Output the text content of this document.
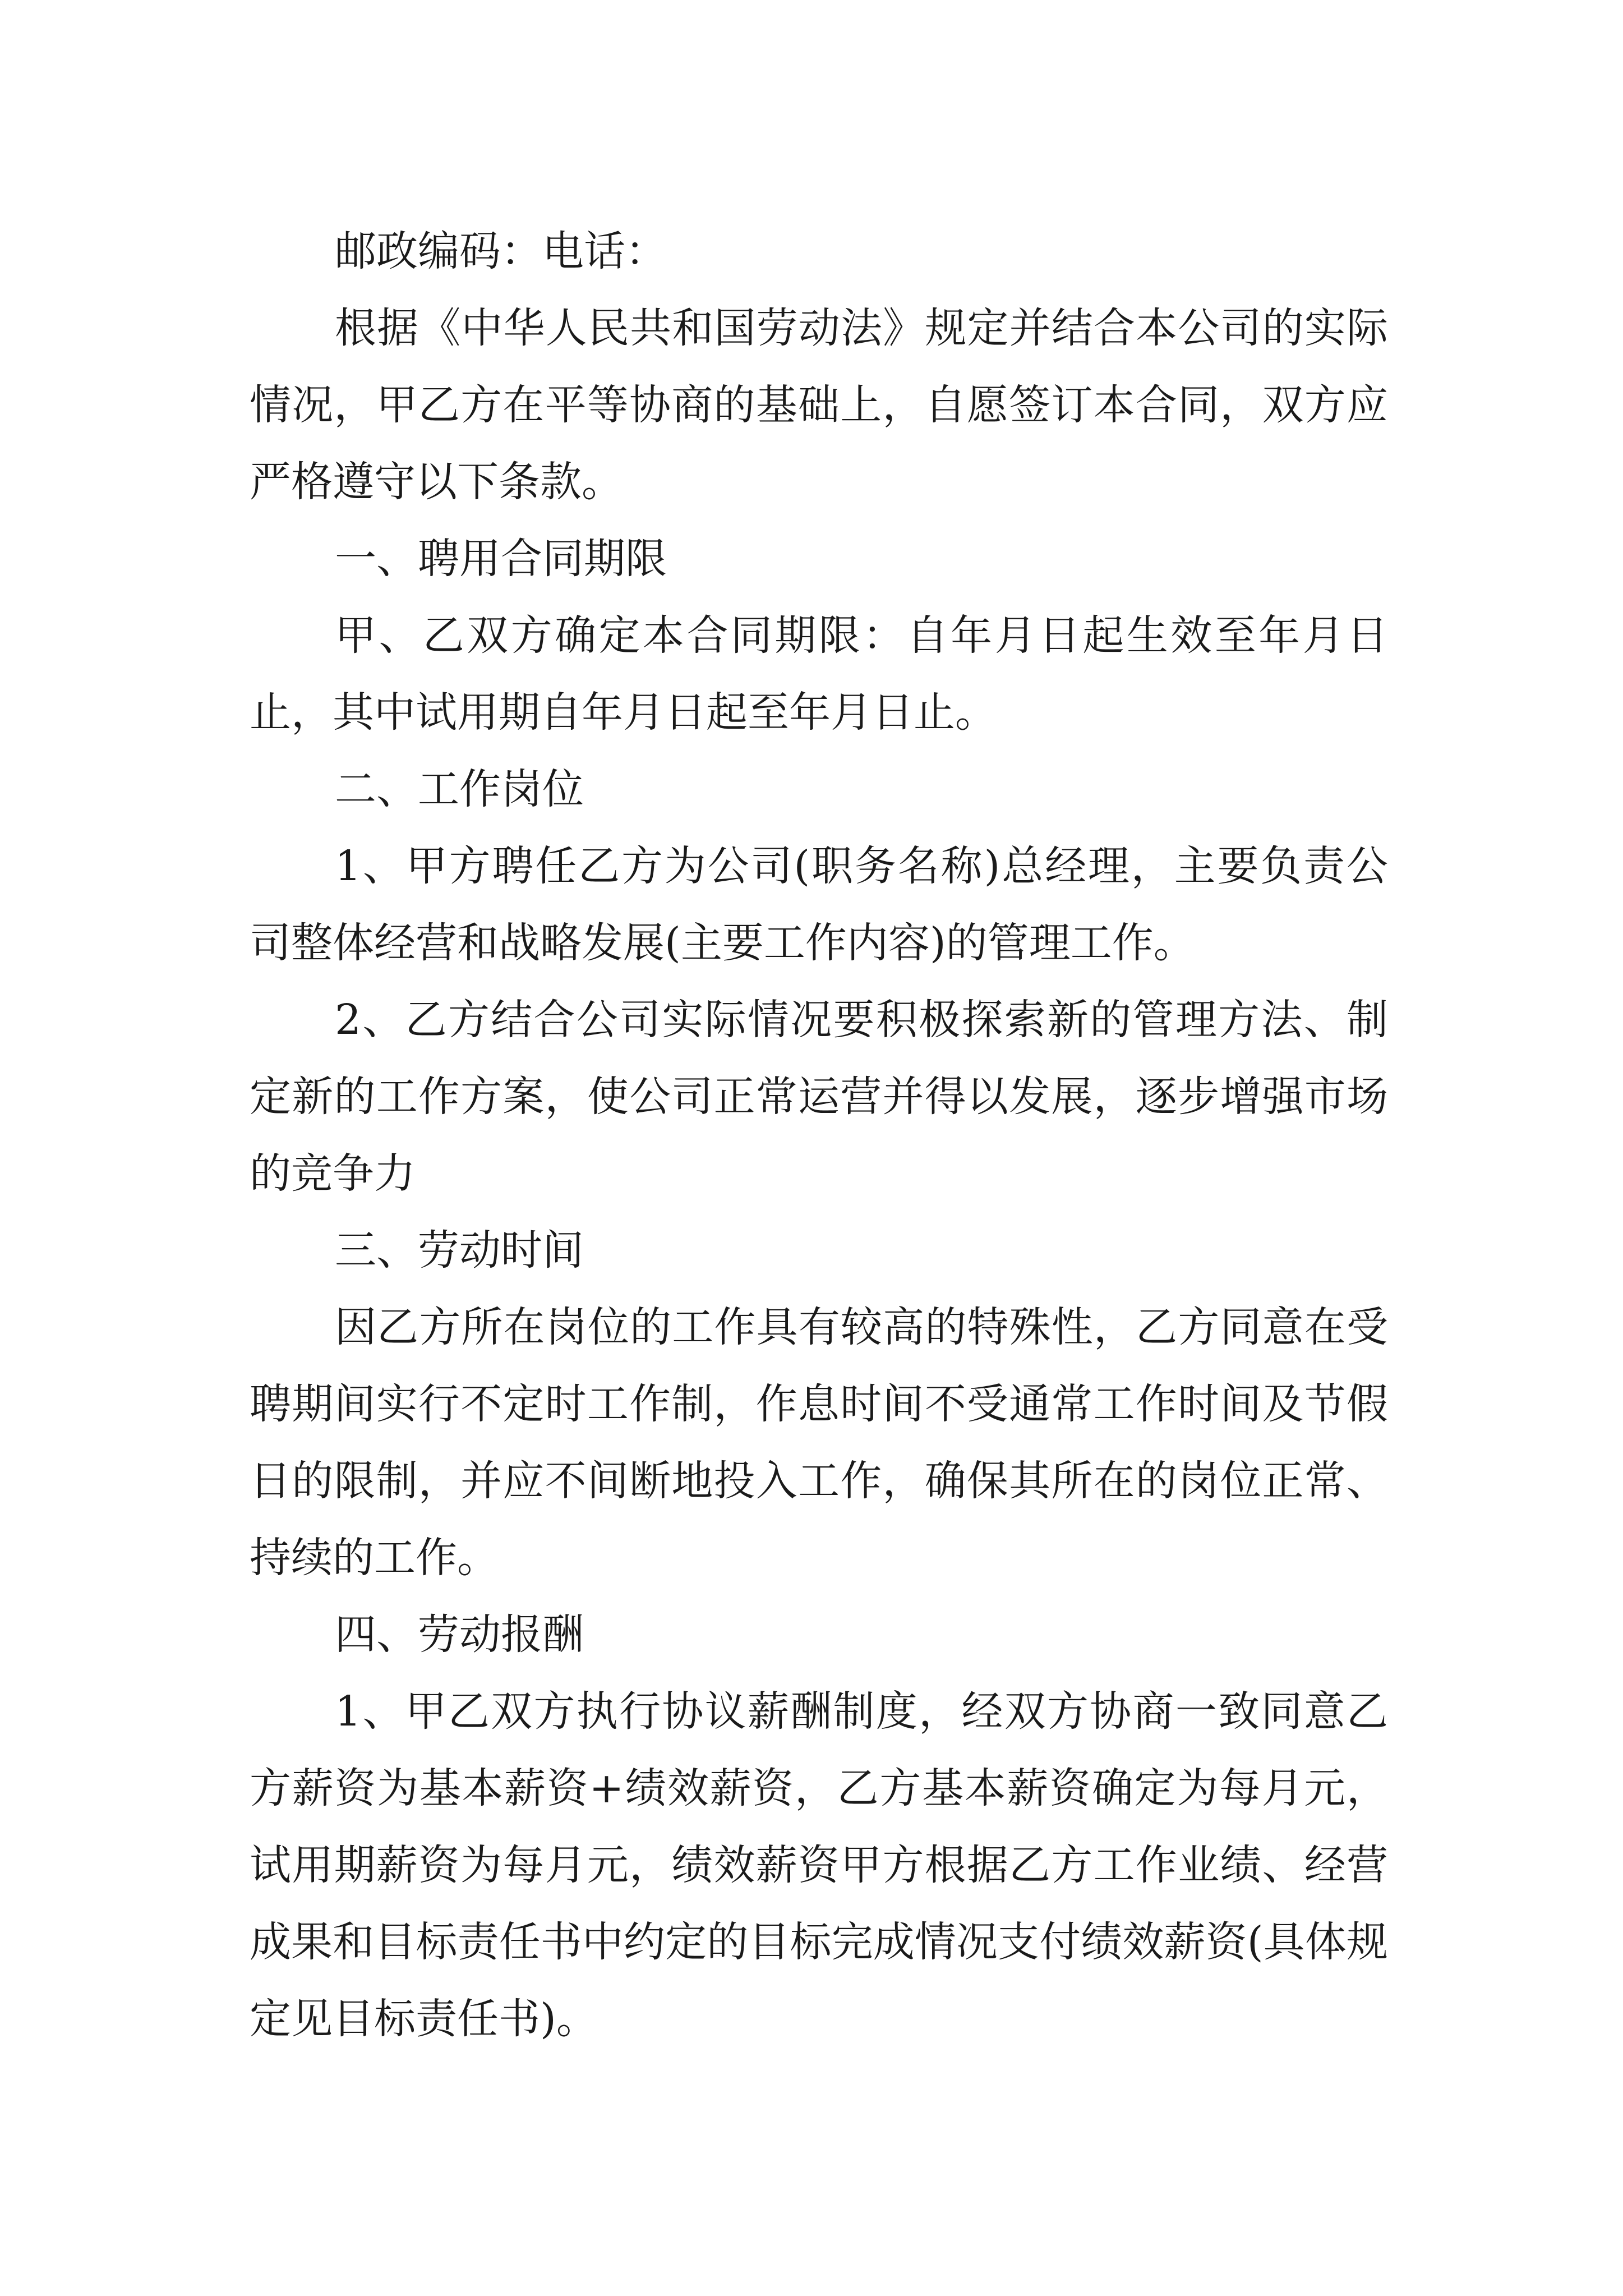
邮政编码：电话：

根据《中华人民共和国劳动法》规定并结合本公司的实际情况，甲乙方在平等协商的基础上，自愿签订本合同，双方应严格遵守以下条款。

一、聘用合同期限

甲、乙双方确定本合同期限：自年月日起生效至年月日止，其中试用期自年月日起至年月日止。

二、工作岗位

1、甲方聘任乙方为公司(职务名称)总经理，主要负责公司整体经营和战略发展(主要工作内容)的管理工作。

2、乙方结合公司实际情况要积极探索新的管理方法、制定新的工作方案，使公司正常运营并得以发展，逐步增强市场的竞争力

三、劳动时间

因乙方所在岗位的工作具有较高的特殊性，乙方同意在受聘期间实行不定时工作制，作息时间不受通常工作时间及节假日的限制，并应不间断地投入工作，确保其所在的岗位正常、持续的工作。

四、劳动报酬

1、甲乙双方执行协议薪酬制度，经双方协商一致同意乙方薪资为基本薪资+绩效薪资，乙方基本薪资确定为每月元，试用期薪资为每月元，绩效薪资甲方根据乙方工作业绩、经营成果和目标责任书中约定的目标完成情况支付绩效薪资(具体规定见目标责任书)。
